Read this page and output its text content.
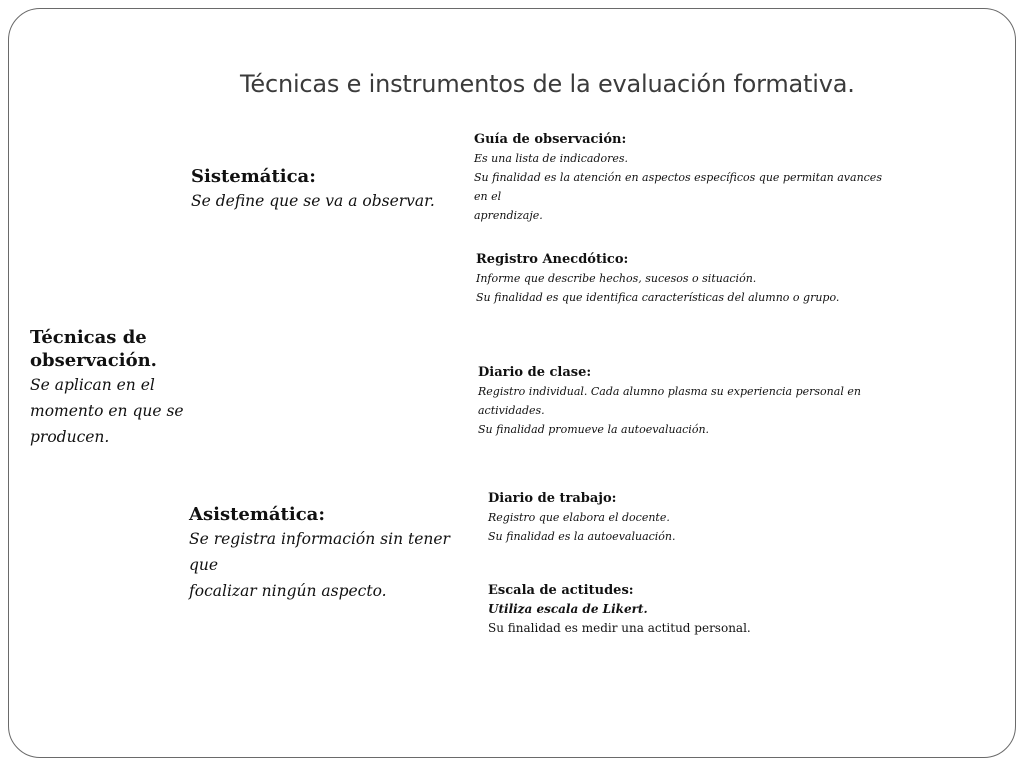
Técnicas e instrumentos de la evaluación formativa.
Técnicas de
observación.
Se aplican en el
momento en que se
producen.
Sistemática:
Se define que se va a observar.
Asistemática:
Se registra información sin tener que
focalizar ningún aspecto.
Guía de observación:
Es una lista de indicadores.
Su finalidad es la atención en aspectos específicos que permitan avances en el
aprendizaje.
Registro Anecdótico:
Informe que describe hechos, sucesos o situación.
Su finalidad es que identifica características del alumno o grupo.
Diario de clase:
Registro individual. Cada alumno plasma su experiencia personal en
actividades.
Su finalidad promueve la autoevaluación.
Diario de trabajo:
Registro que elabora el docente.
Su finalidad es la autoevaluación.
Escala de actitudes:
Utiliza escala de Likert.
Su finalidad es medir una actitud personal.
